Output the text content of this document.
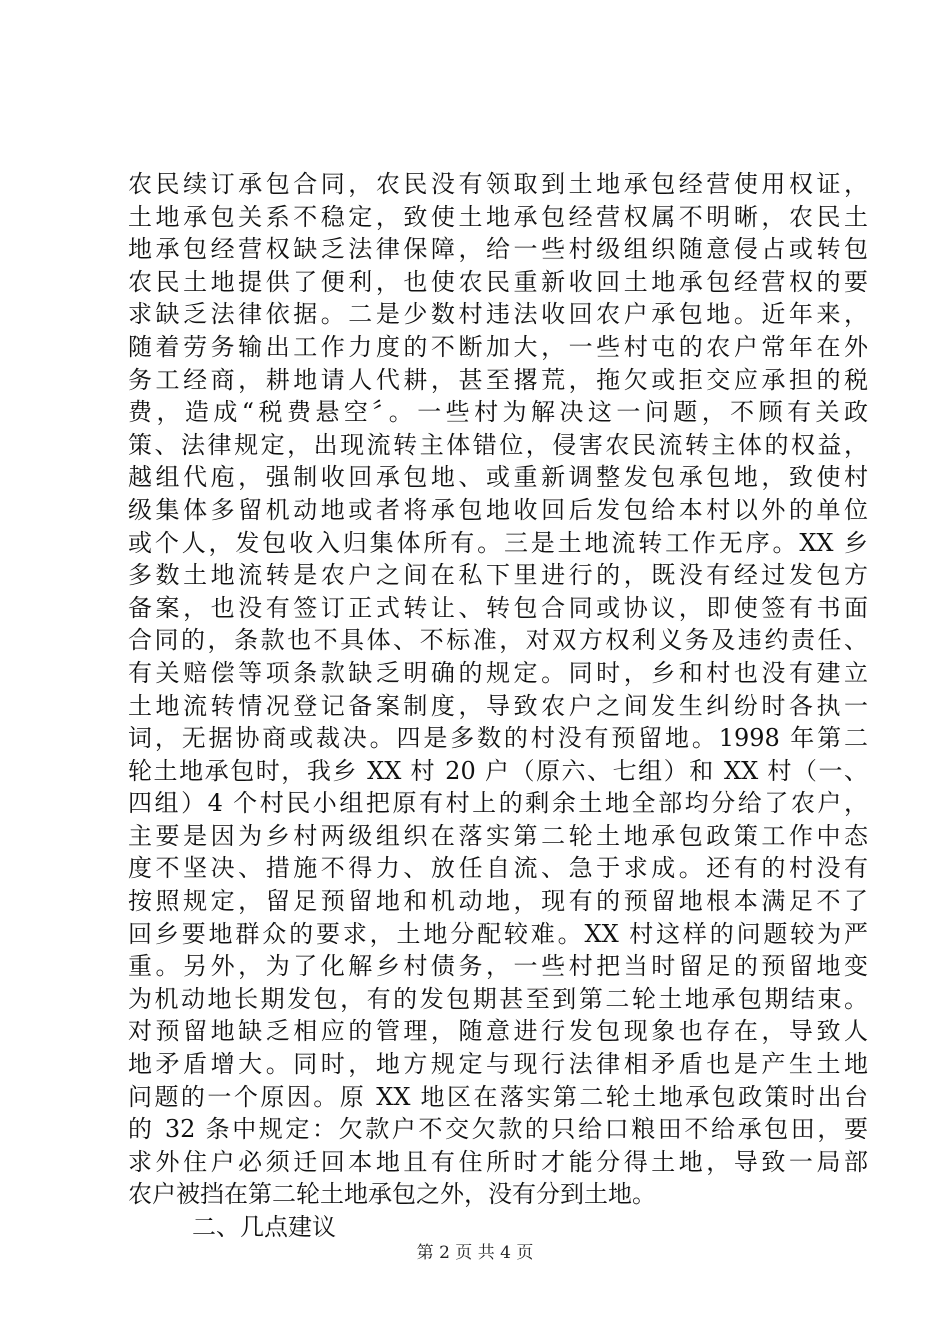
农民续订承包合同，农民没有领取到土地承包经营使用权证，
土地承包关系不稳定，致使土地承包经营权属不明晰，农民土
地承包经营权缺乏法律保障，给一些村级组织随意侵占或转包
农民土地提供了便利，也使农民重新收回土地承包经营权的要
求缺乏法律依据。二是少数村违法收回农户承包地。近年来，
随着劳务输出工作力度的不断加大，一些村屯的农户常年在外
务工经商，耕地请人代耕，甚至撂荒，拖欠或拒交应承担的税
费，造成“税费悬空〞。一些村为解决这一问题，不顾有关政
策、法律规定，出现流转主体错位，侵害农民流转主体的权益，
越组代庖，强制收回承包地、或重新调整发包承包地，致使村
级集体多留机动地或者将承包地收回后发包给本村以外的单位
或个人，发包收入归集体所有。三是土地流转工作无序。XX 乡
多数土地流转是农户之间在私下里进行的，既没有经过发包方
备案，也没有签订正式转让、转包合同或协议，即使签有书面
合同的，条款也不具体、不标准，对双方权利义务及违约责任、
有关赔偿等项条款缺乏明确的规定。同时，乡和村也没有建立
土地流转情况登记备案制度，导致农户之间发生纠纷时各执一
词，无据协商或裁决。四是多数的村没有预留地。1998 年第二
轮土地承包时，我乡 XX 村 20 户（原六、七组）和 XX 村（一、
四组）4 个村民小组把原有村上的剩余土地全部均分给了农户，
主要是因为乡村两级组织在落实第二轮土地承包政策工作中态
度不坚决、措施不得力、放任自流、急于求成。还有的村没有
按照规定，留足预留地和机动地，现有的预留地根本满足不了
回乡要地群众的要求，土地分配较难。XX 村这样的问题较为严
重。另外，为了化解乡村债务，一些村把当时留足的预留地变
为机动地长期发包，有的发包期甚至到第二轮土地承包期结束。
对预留地缺乏相应的管理，随意进行发包现象也存在，导致人
地矛盾增大。同时，地方规定与现行法律相矛盾也是产生土地
问题的一个原因。原 XX 地区在落实第二轮土地承包政策时出台
的 32 条中规定：欠款户不交欠款的只给口粮田不给承包田，要
求外住户必须迁回本地且有住所时才能分得土地，导致一局部
农户被挡在第二轮土地承包之外，没有分到土地。
二、几点建议
第 2 页 共 4 页
